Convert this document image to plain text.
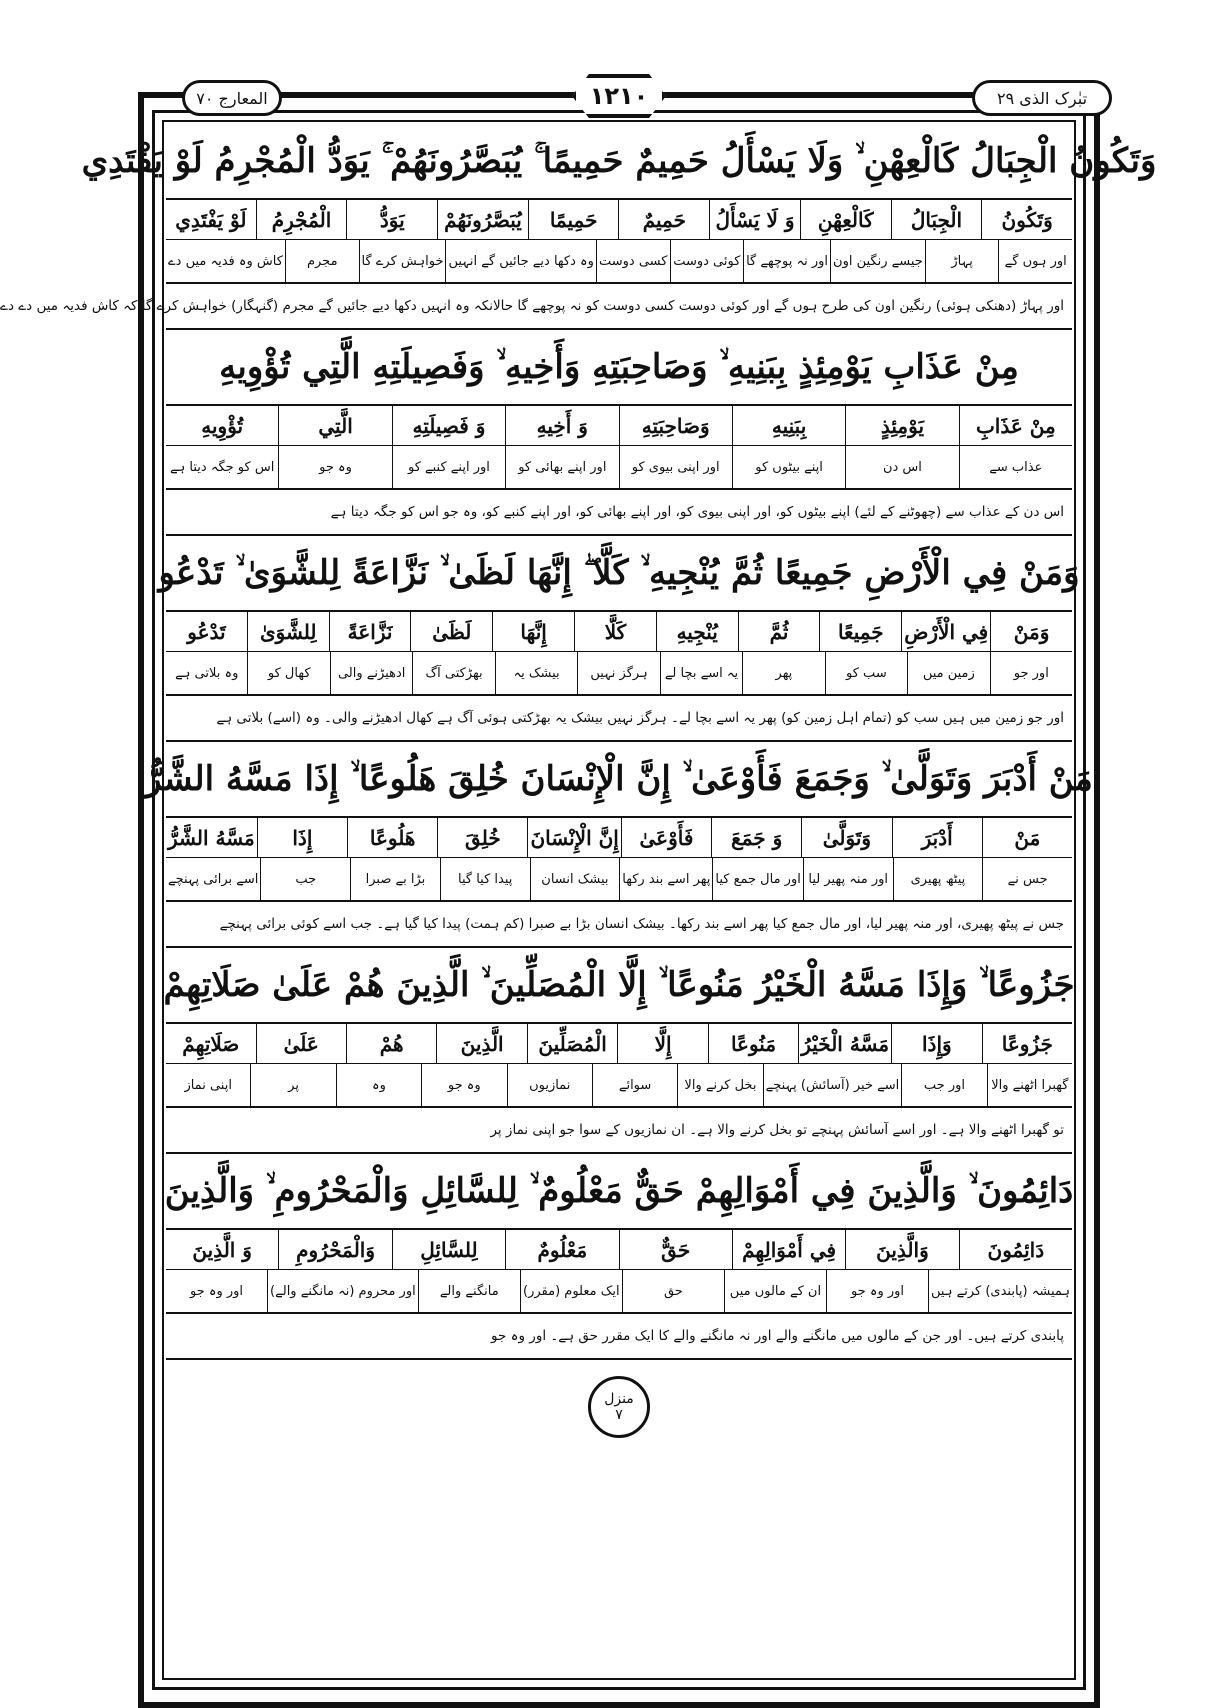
المعارج ٧٠	۱۲۱۰	تبٰرک الذی ٢٩
وَتَكُونُ الْجِبَالُ كَالْعِهْنِ ۙ وَلَا يَسْأَلُ حَمِيمٌ حَمِيمًا ۚ يُبَصَّرُونَهُمْ ۚ يَوَدُّ الْمُجْرِمُ لَوْ يَفْتَدِي
وَتَكُونُ
الْجِبَالُ
كَالْعِهْنِ
وَ لَا يَسْأَلُ
حَمِيمٌ
حَمِيمًا
يُبَصَّرُونَهُمْ
يَوَدُّ
الْمُجْرِمُ
لَوْ يَفْتَدِي
اور ہوں گے
پہاڑ
جیسے رنگین اون
اور نہ پوچھے گا
کوئی دوست
کسی دوست
وہ دکھا دیے جائیں گے انہیں
خواہش کرے گا
مجرم
کاش وہ فدیہ میں دے
اور پہاڑ (دھنکی ہوئی) رنگین اون کی طرح ہوں گے اور کوئی دوست کسی دوست کو نہ پوچھے گا حالانکہ وہ انہیں دکھا دیے جائیں گے مجرم (گنہگار) خواہش کرے گا کہ کاش فدیہ میں دے دے
مِنْ عَذَابِ يَوْمِئِذٍ بِبَنِيهِ ۙ وَصَاحِبَتِهِ وَأَخِيهِ ۙ وَفَصِيلَتِهِ الَّتِي تُؤْوِيهِ
مِنْ عَذَابِ
يَوْمِئِذٍ
بِبَنِيهِ
وَصَاحِبَتِهِ
وَ أَخِيهِ
وَ فَصِيلَتِهِ
الَّتِي
تُؤْوِيهِ
عذاب سے
اس دن
اپنے بیٹوں کو
اور اپنی بیوی کو
اور اپنے بھائی کو
اور اپنے کنبے کو
وہ جو
اس کو جگہ دیتا ہے
اس دن کے عذاب سے (چھوٹنے کے لئے) اپنے بیٹوں کو، اور اپنی بیوی کو، اور اپنے بھائی کو، اور اپنے کنبے کو، وہ جو اس کو جگہ دیتا ہے
وَمَنْ فِي الْأَرْضِ جَمِيعًا ثُمَّ يُنْجِيهِ ۙ كَلَّا ۖ إِنَّهَا لَظَىٰ ۙ نَزَّاعَةً لِلشَّوَىٰ ۙ تَدْعُو
وَمَنْ
فِي الْأَرْضِ
جَمِيعًا
ثُمَّ
يُنْجِيهِ
كَلَّا
إِنَّهَا
لَظَىٰ
نَزَّاعَةً
لِلشَّوَىٰ
تَدْعُو
اور جو
زمین میں
سب کو
پھر
یہ اسے بچا لے
ہرگز نہیں
بیشک یہ
بھڑکتی آگ
ادھیڑنے والی
کھال کو
وہ بلاتی ہے
اور جو زمین میں ہیں سب کو (تمام اہل زمین کو) پھر یہ اسے بچا لے۔ ہرگز نہیں بیشک یہ بھڑکتی ہوئی آگ ہے کھال ادھیڑنے والی۔ وہ (اسے) بلاتی ہے
مَنْ أَدْبَرَ وَتَوَلَّىٰ ۙ وَجَمَعَ فَأَوْعَىٰ ۙ إِنَّ الْإِنْسَانَ خُلِقَ هَلُوعًا ۙ إِذَا مَسَّهُ الشَّرُّ
مَنْ
أَدْبَرَ
وَتَوَلَّىٰ
وَ جَمَعَ
فَأَوْعَىٰ
إِنَّ الْإِنْسَانَ
خُلِقَ
هَلُوعًا
إِذَا
مَسَّهُ الشَّرُّ
جس نے
پیٹھ پھیری
اور منہ پھیر لیا
اور مال جمع کیا
پھر اسے بند رکھا
بیشک انسان
پیدا کیا گیا
بڑا بے صبرا
جب
اسے برائی پہنچے
جس نے پیٹھ پھیری، اور منہ پھیر لیا، اور مال جمع کیا پھر اسے بند رکھا۔ بیشک انسان بڑا بے صبرا (کم ہمت) پیدا کیا گیا ہے۔ جب اسے کوئی برائی پہنچے
جَزُوعًا ۙ وَإِذَا مَسَّهُ الْخَيْرُ مَنُوعًا ۙ إِلَّا الْمُصَلِّينَ ۙ الَّذِينَ هُمْ عَلَىٰ صَلَاتِهِمْ
جَزُوعًا
وَإِذَا
مَسَّهُ الْخَيْرُ
مَنُوعًا
إِلَّا
الْمُصَلِّينَ
الَّذِينَ
هُمْ
عَلَىٰ
صَلَاتِهِمْ
گھبرا اٹھنے والا
اور جب
اسے خیر (آسائش) پہنچے
بخل کرنے والا
سوائے
نمازیوں
وہ جو
وہ
پر
اپنی نماز
تو گھبرا اٹھنے والا ہے۔ اور اسے آسائش پہنچے تو بخل کرنے والا ہے۔ ان نمازیوں کے سوا جو اپنی نماز پر
دَائِمُونَ ۙ وَالَّذِينَ فِي أَمْوَالِهِمْ حَقٌّ مَعْلُومٌ ۙ لِلسَّائِلِ وَالْمَحْرُومِ ۙ وَالَّذِينَ
دَائِمُونَ
وَالَّذِينَ
فِي أَمْوَالِهِمْ
حَقٌّ
مَعْلُومٌ
لِلسَّائِلِ
وَالْمَحْرُومِ
وَ الَّذِينَ
ہمیشہ (پابندی) کرتے ہیں
اور وہ جو
ان کے مالوں میں
حق
ایک معلوم (مقرر)
مانگنے والے
اور محروم (نہ مانگنے والے)
اور وہ جو
پابندی کرتے ہیں۔ اور جن کے مالوں میں مانگنے والے اور نہ مانگنے والے کا ایک مقرر حق ہے۔ اور وہ جو
منزل
٧
